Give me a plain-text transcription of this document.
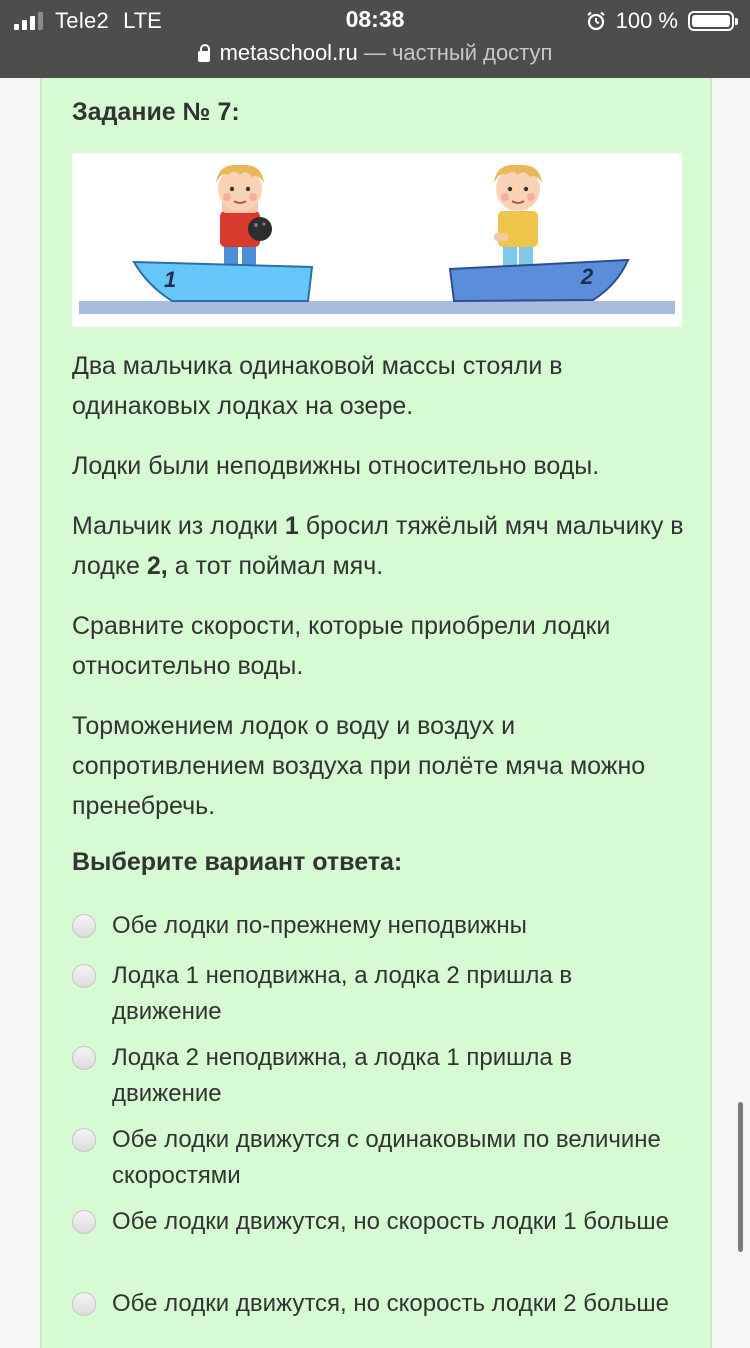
Tele2 LTE	08:38	100 %
metaschool.ru — частный доступ
Задание № 7:
1	2

Два мальчика одинаковой массы стояли в одинаковых лодках на озере.

Лодки были неподвижны относительно воды.

Мальчик из лодки 1 бросил тяжёлый мяч мальчику в лодке 2, а тот поймал мяч.

Сравните скорости, которые приобрели лодки относительно воды.

Торможением лодок о воду и воздух и сопротивлением воздуха при полёте мяча можно пренебречь.

Выберите вариант ответа:
Обе лодки по-прежнему неподвижны
Лодка 1 неподвижна, а лодка 2 пришла в движение
Лодка 2 неподвижна, а лодка 1 пришла в движение
Обе лодки движутся с одинаковыми по величине скоростями
Обе лодки движутся, но скорость лодки 1 больше
Обе лодки движутся, но скорость лодки 2 больше
